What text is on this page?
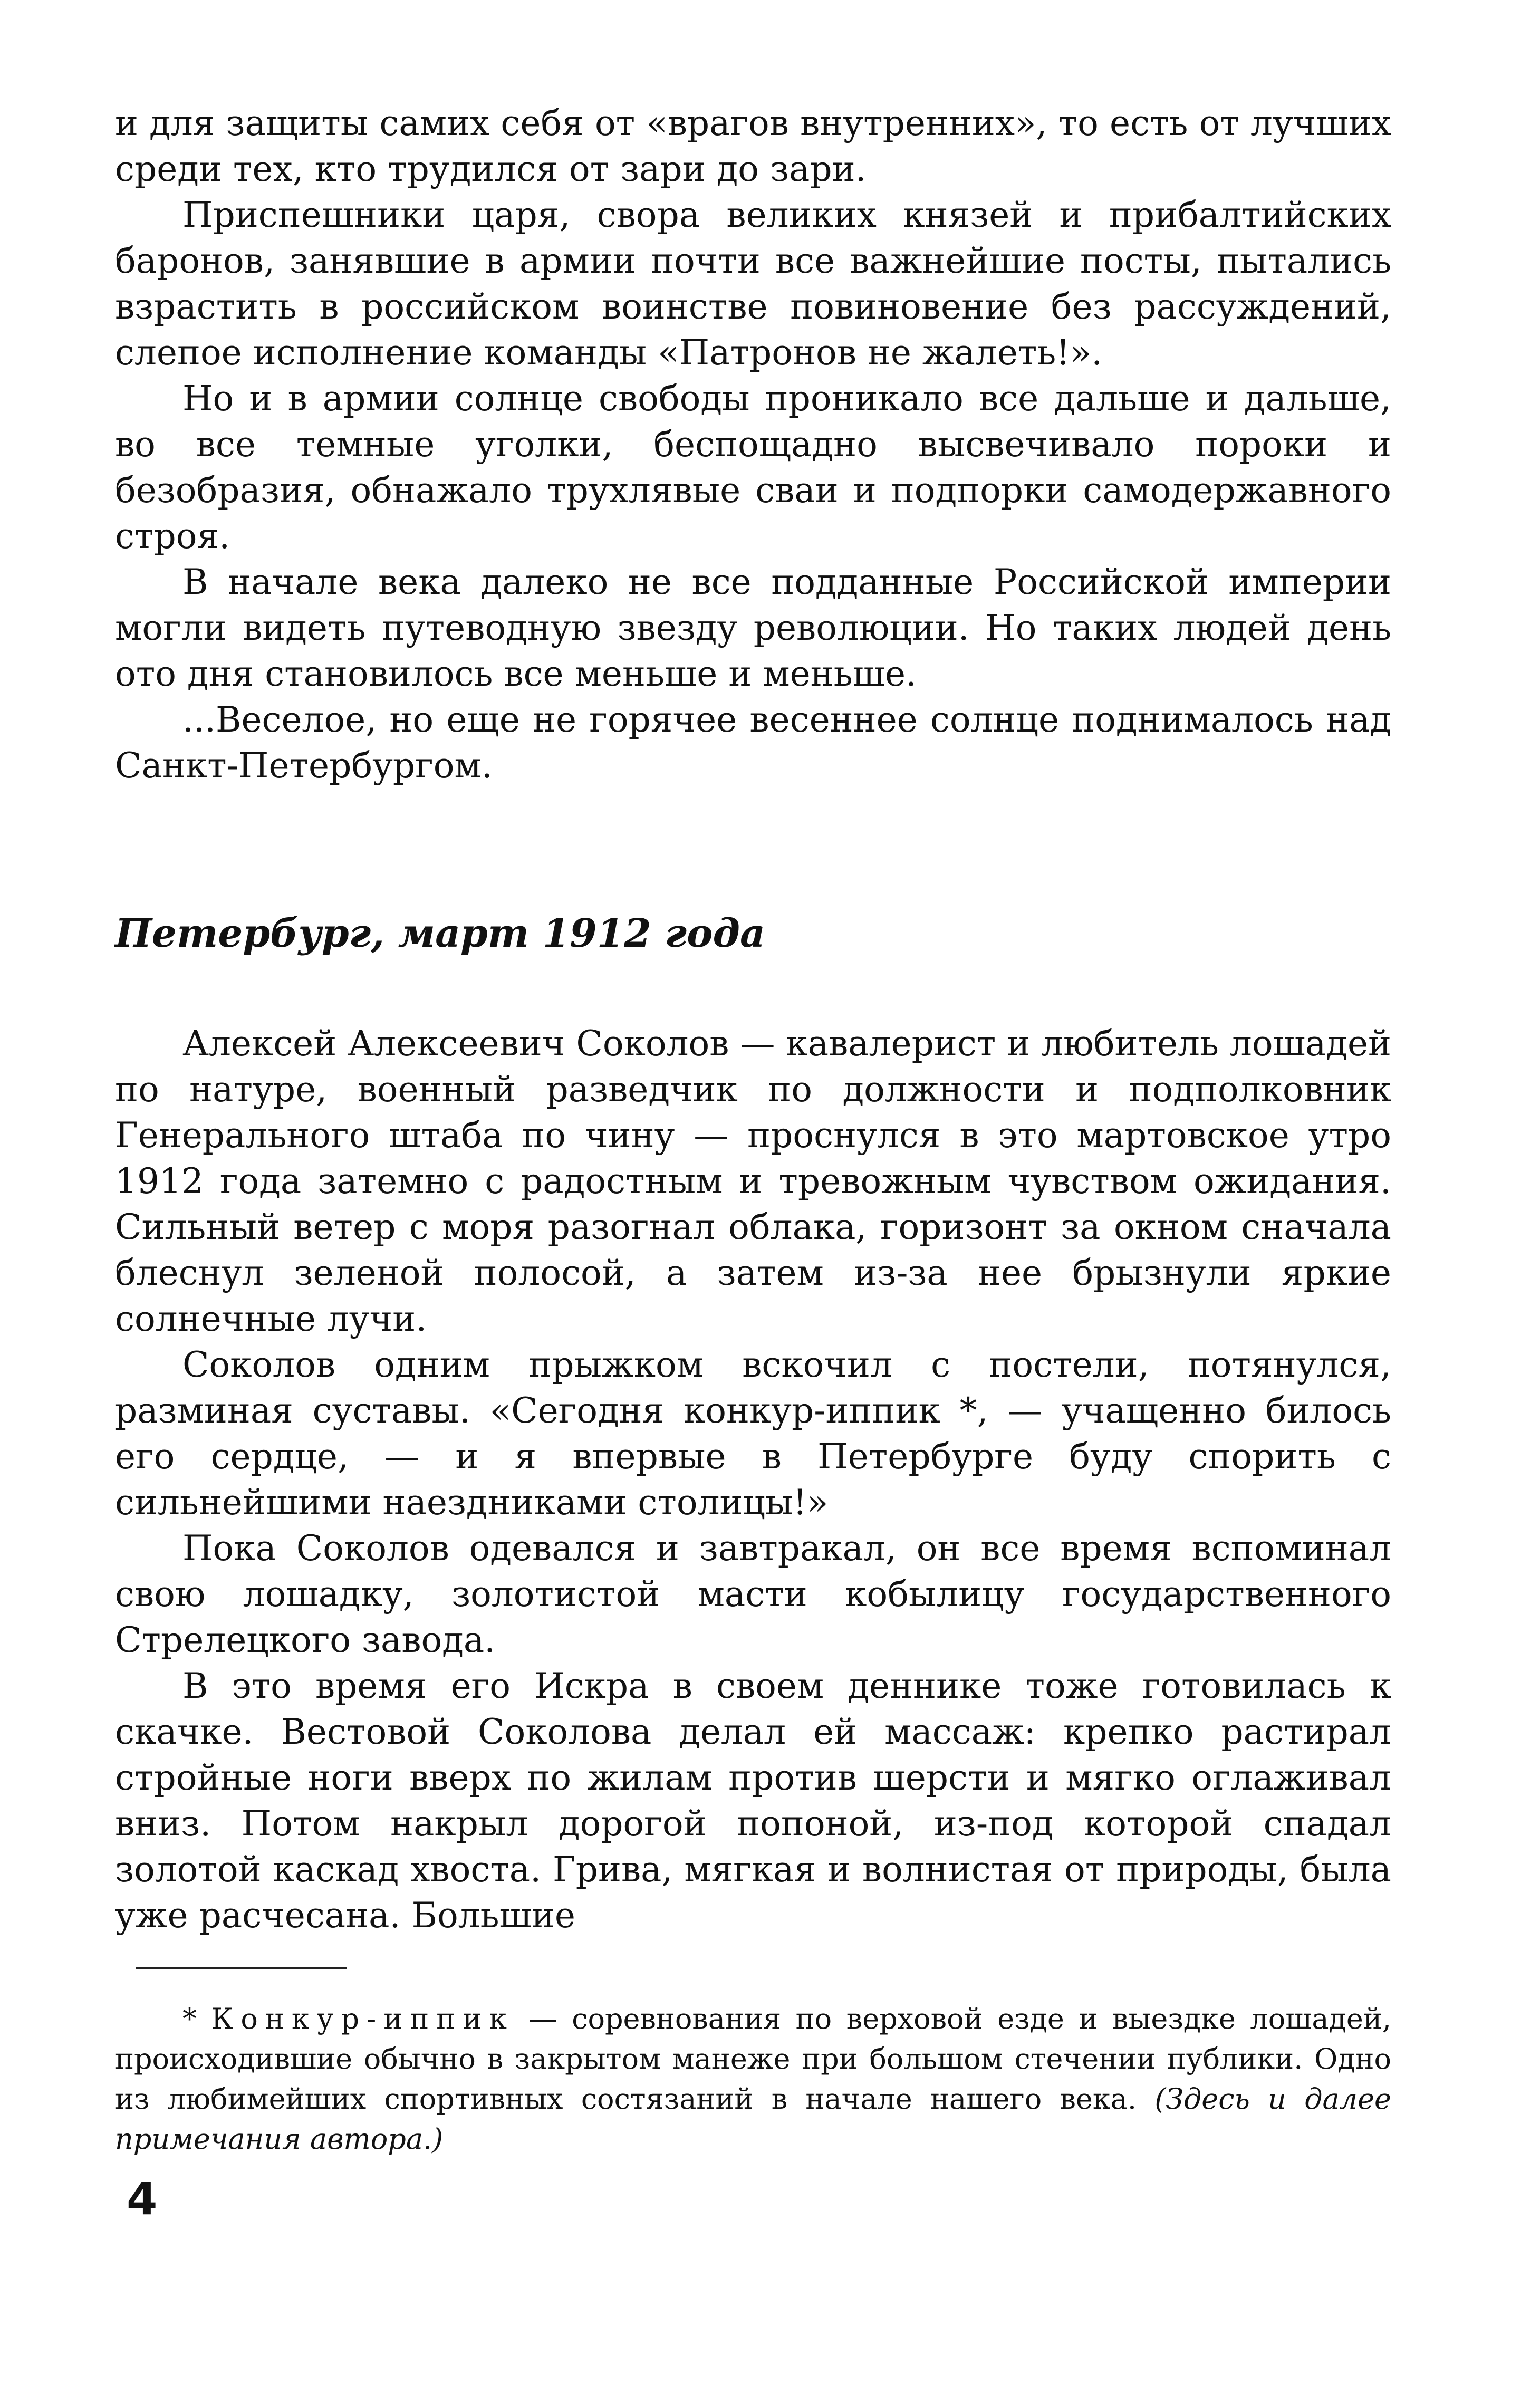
и для защиты самих себя от «врагов внутренних», то есть от лучших среди тех, кто трудился от зари до зари.

Приспешники царя, свора великих князей и прибалтийских баронов, занявшие в армии почти все важнейшие посты, пытались взрастить в российском воинстве повиновение без рассуждений, слепое исполнение команды «Патронов не жалеть!».

Но и в армии солнце свободы проникало все дальше и дальше, во все темные уголки, беспощадно высвечивало пороки и безобразия, обнажало трухлявые сваи и подпорки самодержавного строя.

В начале века далеко не все подданные Российской империи могли видеть путеводную звезду революции. Но таких людей день ото дня становилось все меньше и меньше.

...Веселое, но еще не горячее весеннее солнце поднималось над Санкт-Петербургом.

Петербург, март 1912 года

Алексей Алексеевич Соколов — кавалерист и любитель лошадей по натуре, военный разведчик по должности и подполковник Генерального штаба по чину — проснулся в это мартовское утро 1912 года затемно с радостным и тревожным чувством ожидания. Сильный ветер с моря разогнал облака, горизонт за окном сначала блеснул зеленой полосой, а затем из-за нее брызнули яркие солнечные лучи.

Соколов одним прыжком вскочил с постели, потянулся, разминая суставы. «Сегодня конкур-иппик *, — учащенно билось его сердце, — и я впервые в Петербурге буду спорить с сильнейшими наездниками столицы!»

Пока Соколов одевался и завтракал, он все время вспоминал свою лошадку, золотистой масти кобылицу государственного Стрелецкого завода.

В это время его Искра в своем деннике тоже готовилась к скачке. Вестовой Соколова делал ей массаж: крепко растирал стройные ноги вверх по жилам против шерсти и мягко оглаживал вниз. Потом накрыл дорогой попоной, из-под которой спадал золотой каскад хвоста. Грива, мягкая и волнистая от природы, была уже расчесана. Большие

* Конкур-иппик — соревнования по верховой езде и выездке лошадей, происходившие обычно в закрытом манеже при большом стечении публики. Одно из любимейших спортивных состязаний в начале нашего века. (Здесь и далее примечания автора.)

4
